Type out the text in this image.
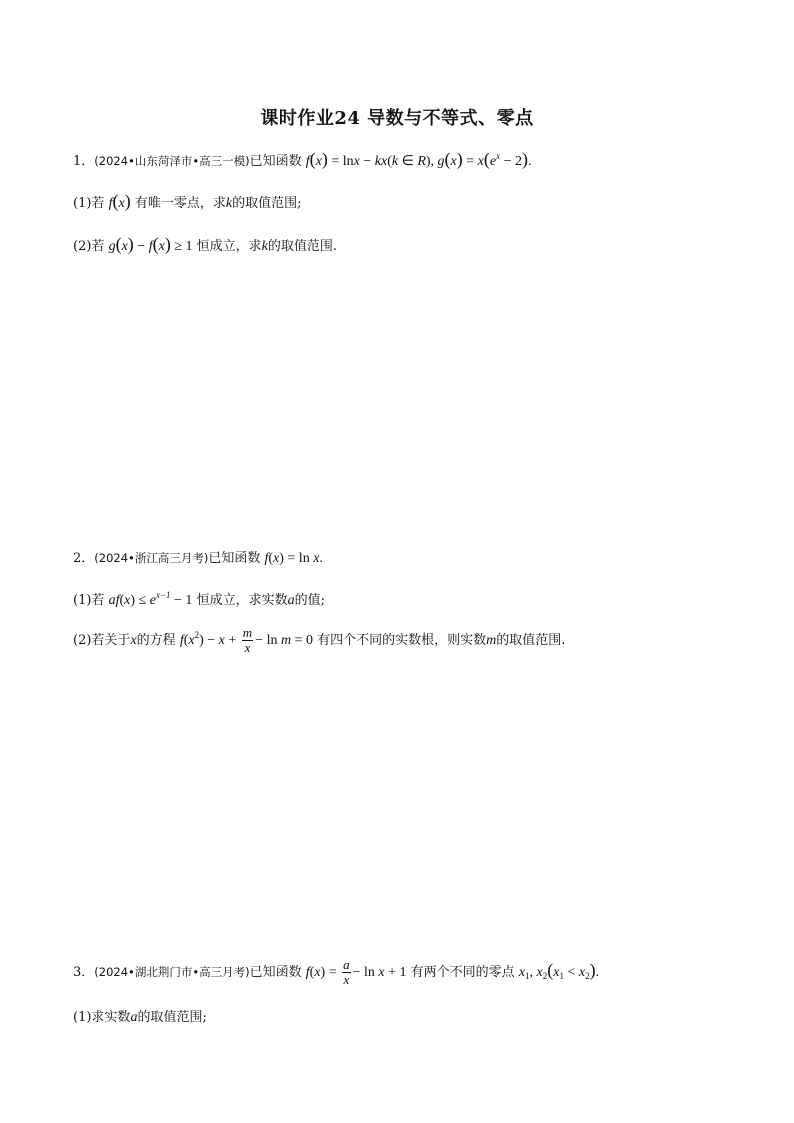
课时作业24 导数与不等式、零点
1．(2024•山东菏泽市•高三一模)已知函数 f(x) = lnx − kx(k ∈ R), $g(x) = x(e^x - 2)$.
(1)若 f(x) 有唯一零点，求k的取值范围;
(2)若 g(x) − f(x) ≥ 1 恒成立，求k的取值范围.
2．(2024•浙江高三月考)已知函数 f(x) = ln x.
(1)若 $af(x) \le e^{x-1} - 1$ 恒成立，求实数a的值;
(2)若关于x的方程 $f(x^2) - x + \frac{m}{x} - \ln m = 0$ 有四个不同的实数根，则实数m的取值范围.
3．(2024•湖北荆门市•高三月考)已知函数 $f(x) = \frac{a}{x} - \ln x + 1$ 有两个不同的零点 $x_1$, $x_2(x_1 < x_2)$.
(1)求实数a的取值范围;
